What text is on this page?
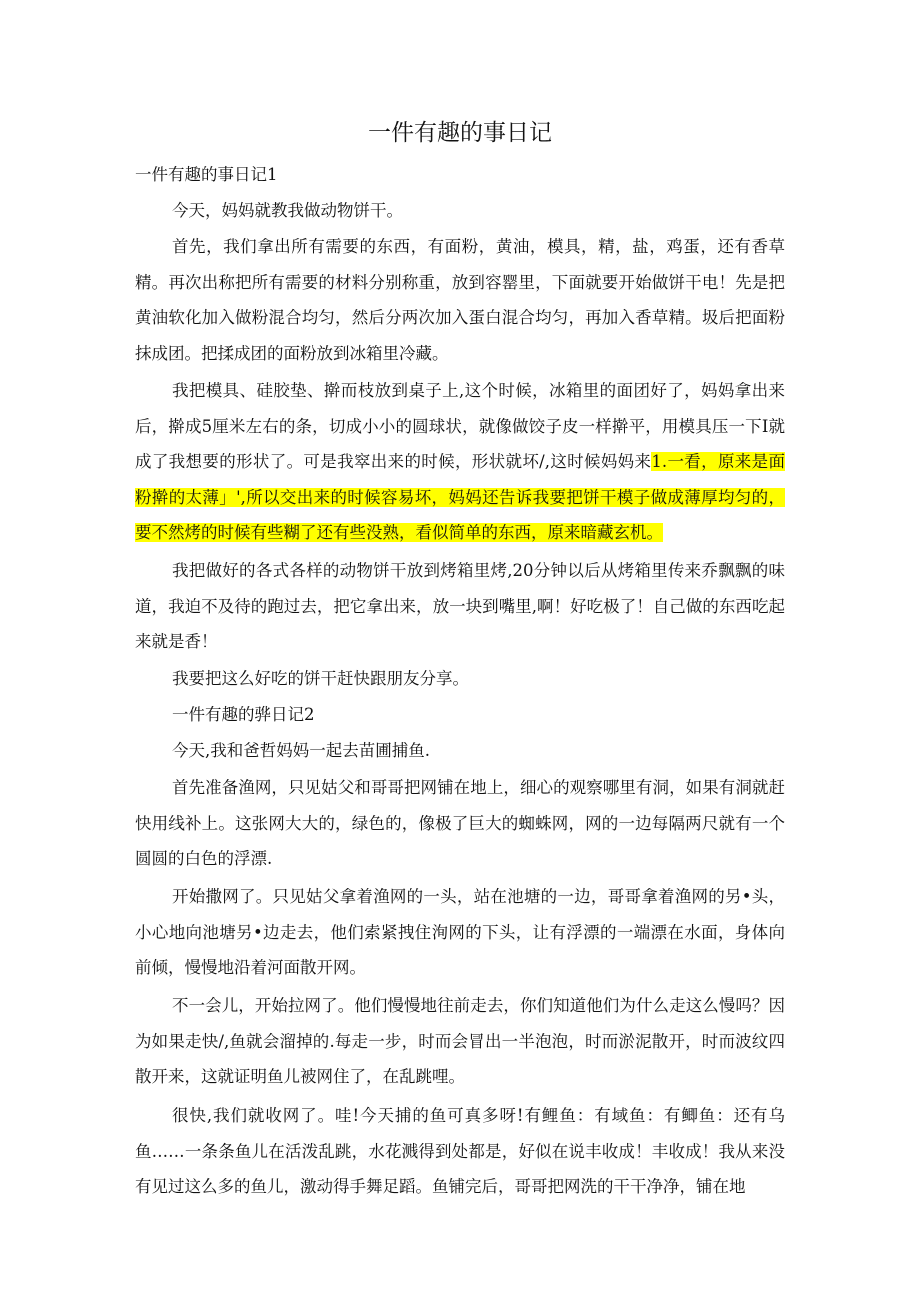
一件有趣的事日记

一件有趣的事日记1

今天，妈妈就教我做动物饼干。

首先，我们拿出所有需要的东西，有面粉，黄油，模具，精，盐，鸡蛋，还有香草精。再次出称把所有需要的材料分别称重，放到容罂里，下面就要开始做饼干电！先是把黄油软化加入做粉混合均匀，然后分两次加入蛋白混合均匀，再加入香草精。圾后把面粉抹成团。把揉成团的面粉放到冰箱里冷藏。

我把模具、硅胶垫、擀而枝放到桌子上,这个时候，冰箱里的面团好了，妈妈拿出来后，擀成5厘米左右的条，切成小小的圆球状，就像做饺子皮一样擀平，用模具压一下I就成了我想要的形状了。可是我窣出来的时候，形状就坏/,这时候妈妈来1.一看，原来是面粉擀的太薄」',所以交出来的时候容易坏，妈妈还告诉我要把饼干模子做成薄厚均匀的，要不然烤的时候有些糊了还有些没熟，看似简单的东西，原来暗藏玄机。

我把做好的各式各样的动物饼干放到烤箱里烤,20分钟以后从烤箱里传来乔飘飘的味道，我迫不及待的跑过去，把它拿出来，放一块到嘴里,啊！好吃极了！自己做的东西吃起来就是香！

我要把这么好吃的饼干赶快跟朋友分享。

一件有趣的骅日记2

今天,我和爸哲妈妈一起去苗圃捕鱼.

首先准备渔网，只见姑父和哥哥把网铺在地上，细心的观察哪里有洞，如果有洞就赶快用线补上。这张网大大的，绿色的，像极了巨大的蜘蛛网，网的一边每隔两尺就有一个圆圆的白色的浮漂.

开始撒网了。只见姑父拿着渔网的一头，站在池塘的一边，哥哥拿着渔网的另•头，小心地向池塘另•边走去，他们索紧拽住洵网的下头，让有浮漂的一端漂在水面，身体向前倾，慢慢地沿着河面散开网。

不一会儿，开始拉网了。他们慢慢地往前走去，你们知道他们为什么走这么慢吗？因为如果走快/,鱼就会溜掉的.每走一步，时而会冒出一半泡泡，时而淤泥散开，时而波纹四散开来，这就证明鱼儿被网住了，在乱跳哩。

很快,我们就收网了。哇!今天捕的鱼可真多呀!有鲤鱼：有域鱼：有鲫鱼：还有乌鱼……一条条鱼儿在活泼乱跳，水花溅得到处都是，好似在说丰收成！丰收成！我从来没有见过这么多的鱼儿，激动得手舞足蹈。鱼铺完后，哥哥把网洗的干干净净，铺在地
